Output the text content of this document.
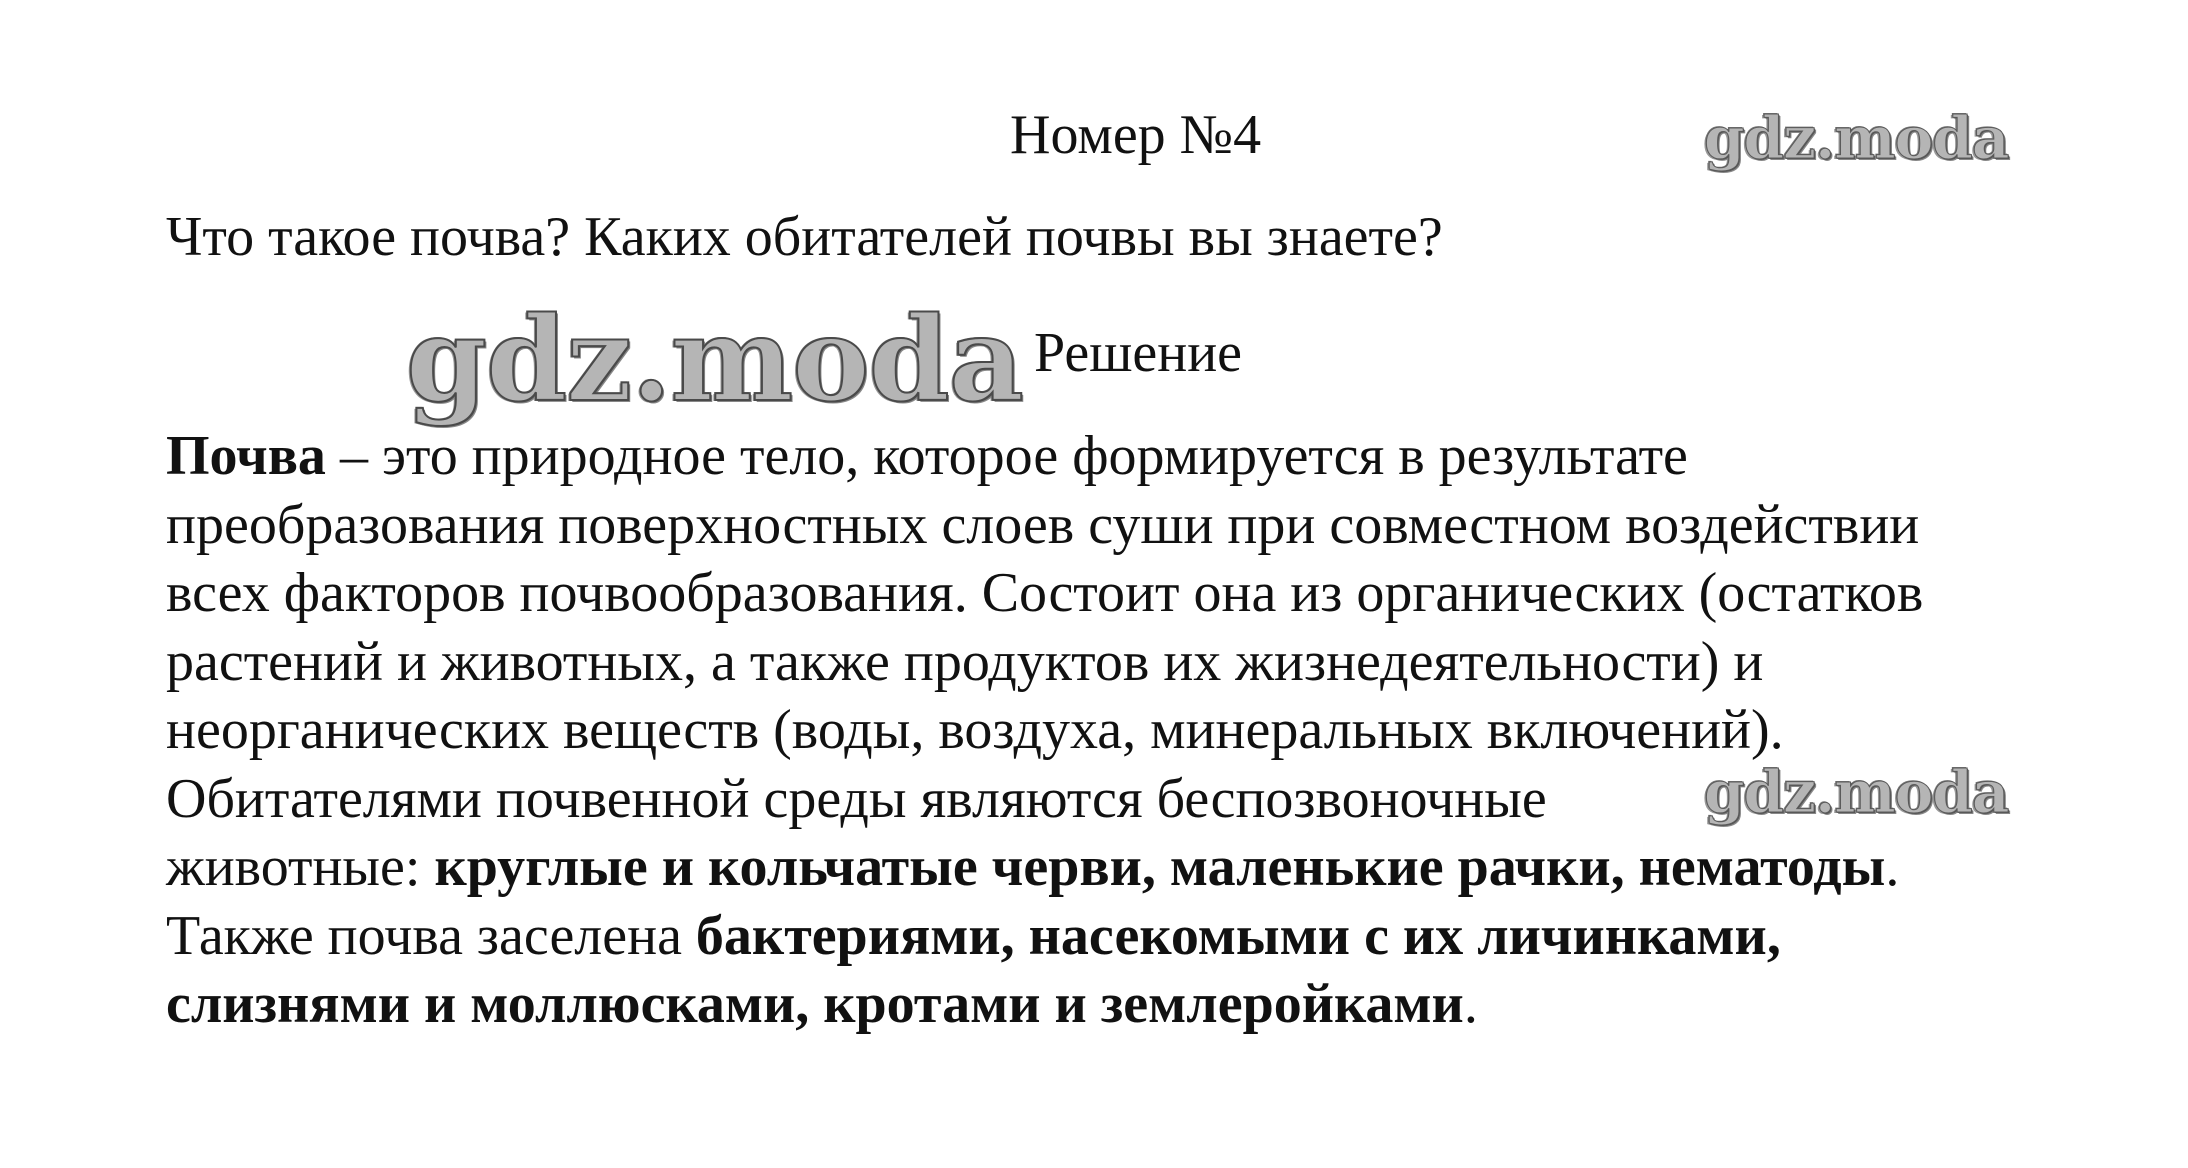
Номер №4	gdz.moda
Что такое почва? Каких обитателей почвы вы знаете?
gdz.moda Решение
Почва – это природное тело, которое формируется в результате
преобразования поверхностных слоев суши при совместном воздействии
всех факторов почвообразования. Состоит она из органических (остатков
растений и животных, а также продуктов их жизнедеятельности) и
неорганических веществ (воды, воздуха, минеральных включений).
Обитателями почвенной среды являются беспозвоночные
животные: круглые и кольчатые черви, маленькие рачки, нематоды.
Также почва заселена бактериями, насекомыми с их личинками,
слизнями и моллюсками, кротами и землеройками.
gdz.moda
